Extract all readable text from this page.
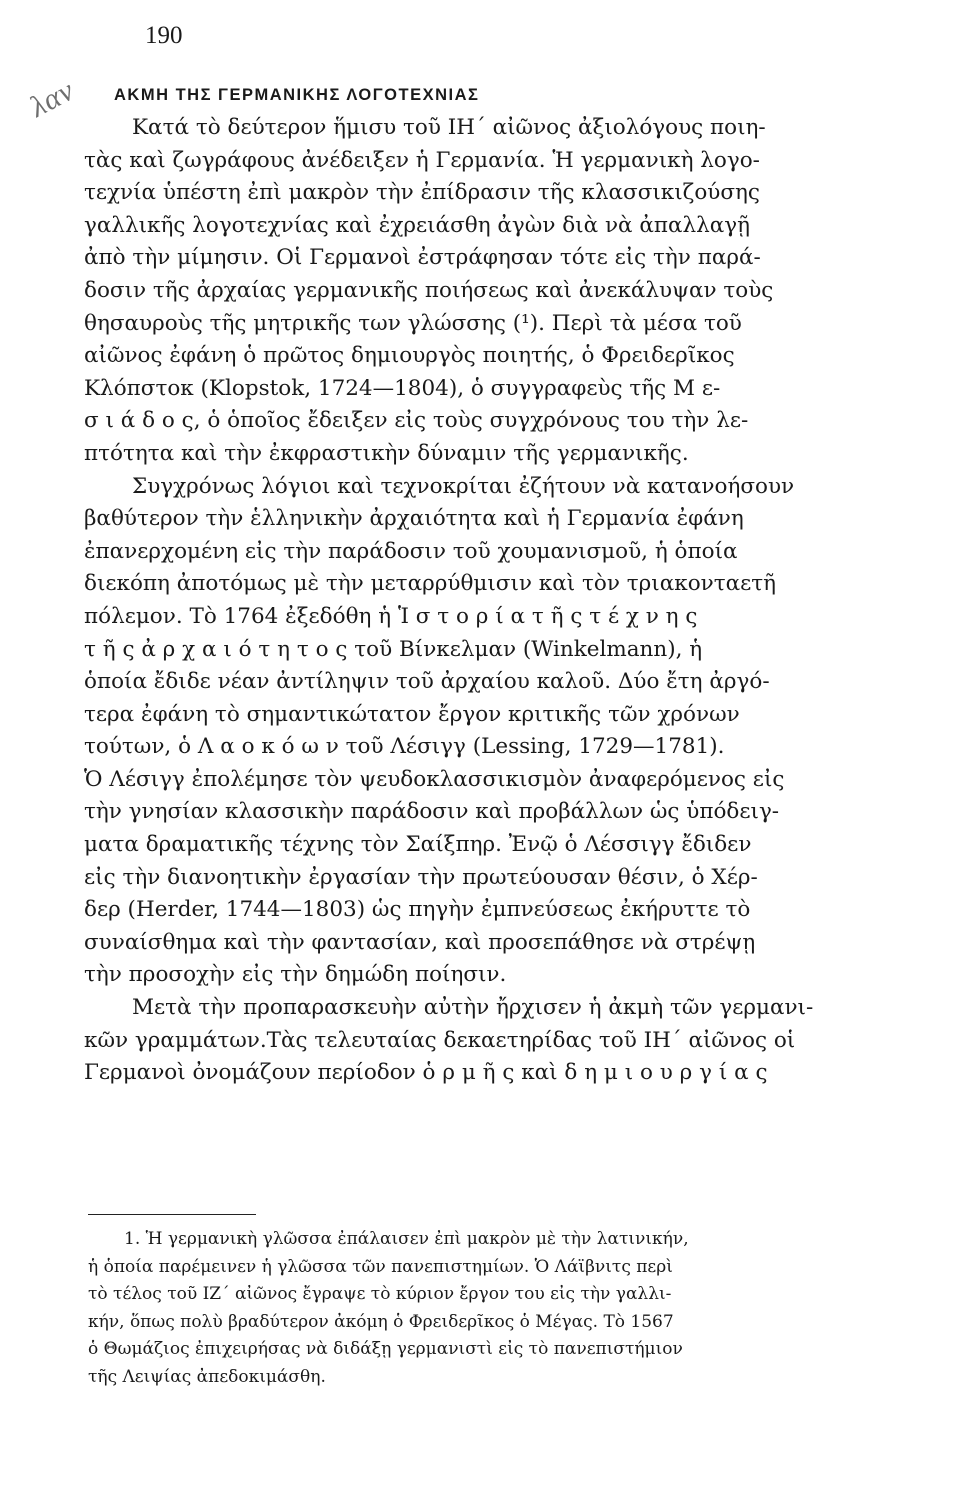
190
λαν ΑΚΜΗ ΤΗΣ ΓΕΡΜΑΝΙΚΗΣ ΛΟΓΟΤΕΧΝΙΑΣ
Κατά τὸ δεύτερον ἥμισυ τοῦ ΙΗ΄ αἰῶνος ἀξιολόγους ποιη-
τὰς καὶ ζωγράφους ἀνέδειξεν ἡ Γερμανία. Ἡ γερμανικὴ λογο-
τεχνία ὑπέστη ἐπὶ μακρὸν τὴν ἐπίδρασιν τῆς κλασσικιζούσης
γαλλικῆς λογοτεχνίας καὶ ἐχρειάσθη ἀγὼν διὰ νὰ ἀπαλλαγῇ
ἀπὸ τὴν μίμησιν. Οἱ Γερμανοὶ ἐστράφησαν τότε εἰς τὴν παρά-
δοσιν τῆς ἀρχαίας γερμανικῆς ποιήσεως καὶ ἀνεκάλυψαν τοὺς
θησαυροὺς τῆς μητρικῆς των γλώσσης (¹). Περὶ τὰ μέσα τοῦ
αἰῶνος ἐφάνη ὁ πρῶτος δημιουργὸς ποιητής, ὁ Φρειδερῖκος
Κλόπστοκ (Klopstok, 1724—1804), ὁ συγγραφεὺς τῆς Μ ε-
σ ι ά δ ο ς, ὁ ὁποῖος ἔδειξεν εἰς τοὺς συγχρόνους του τὴν λε-
πτότητα καὶ τὴν ἐκφραστικὴν δύναμιν τῆς γερμανικῆς.
Συγχρόνως λόγιοι καὶ τεχνοκρίται ἐζήτουν νὰ κατανοήσουν
βαθύτερον τὴν ἑλληνικὴν ἀρχαιότητα καὶ ἡ Γερμανία ἐφάνη
ἐπανερχομένη εἰς τὴν παράδοσιν τοῦ χουμανισμοῦ, ἡ ὁποία
διεκόπη ἀποτόμως μὲ τὴν μεταρρύθμισιν καὶ τὸν τριακονταετῆ
πόλεμον. Τὸ 1764 ἐξεδόθη ἡ Ἱ σ τ ο ρ ί α τ ῆ ς τ έ χ ν η ς
τ ῆ ς ἀ ρ χ α ι ό τ η τ ο ς τοῦ Βίνκελμαν (Winkelmann), ἡ
ὁποία ἔδιδε νέαν ἀντίληψιν τοῦ ἀρχαίου καλοῦ. Δύο ἔτη ἀργό-
τερα ἐφάνη τὸ σημαντικώτατον ἔργον κριτικῆς τῶν χρόνων
τούτων, ὁ Λ α ο κ ό ω ν τοῦ Λέσιγγ (Lessing, 1729—1781).
Ὁ Λέσιγγ ἐπολέμησε τὸν ψευδοκλασσικισμὸν ἀναφερόμενος εἰς
τὴν γνησίαν κλασσικὴν παράδοσιν καὶ προβάλλων ὡς ὑπόδειγ-
ματα δραματικῆς τέχνης τὸν Σαίξπηρ. Ἐνῷ ὁ Λέσσιγγ ἔδιδεν
εἰς τὴν διανοητικὴν ἐργασίαν τὴν πρωτεύουσαν θέσιν, ὁ Χέρ-
δερ (Herder, 1744—1803) ὡς πηγὴν ἐμπνεύσεως ἐκήρυττε τὸ
συναίσθημα καὶ τὴν φαντασίαν, καὶ προσεπάθησε νὰ στρέψῃ
τὴν προσοχὴν εἰς τὴν δημώδη ποίησιν.
Μετὰ τὴν προπαρασκευὴν αὐτὴν ἤρχισεν ἡ ἀκμὴ τῶν γερμανι-
κῶν γραμμάτων.Τὰς τελευταίας δεκαετηρίδας τοῦ ΙΗ΄ αἰῶνος οἱ
Γερμανοὶ ὀνομάζουν περίοδον ὁ ρ μ ῆ ς καὶ δ η μ ι ο υ ρ γ ί α ς
1. Ἡ γερμανικὴ γλῶσσα ἐπάλαισεν ἐπὶ μακρὸν μὲ τὴν λατινικήν,
ἡ ὁποία παρέμεινεν ἡ γλῶσσα τῶν πανεπιστημίων. Ὁ Λάϊβνιτς περὶ
τὸ τέλος τοῦ ΙΖ΄ αἰῶνος ἔγραψε τὸ κύριον ἔργον του εἰς τὴν γαλλι-
κήν, ὅπως πολὺ βραδύτερον ἀκόμη ὁ Φρειδερῖκος ὁ Μέγας. Τὸ 1567
ὁ Θωμάζιος ἐπιχειρήσας νὰ διδάξῃ γερμανιστὶ εἰς τὸ πανεπιστήμιον
τῆς Λειψίας ἀπεδοκιμάσθη.
